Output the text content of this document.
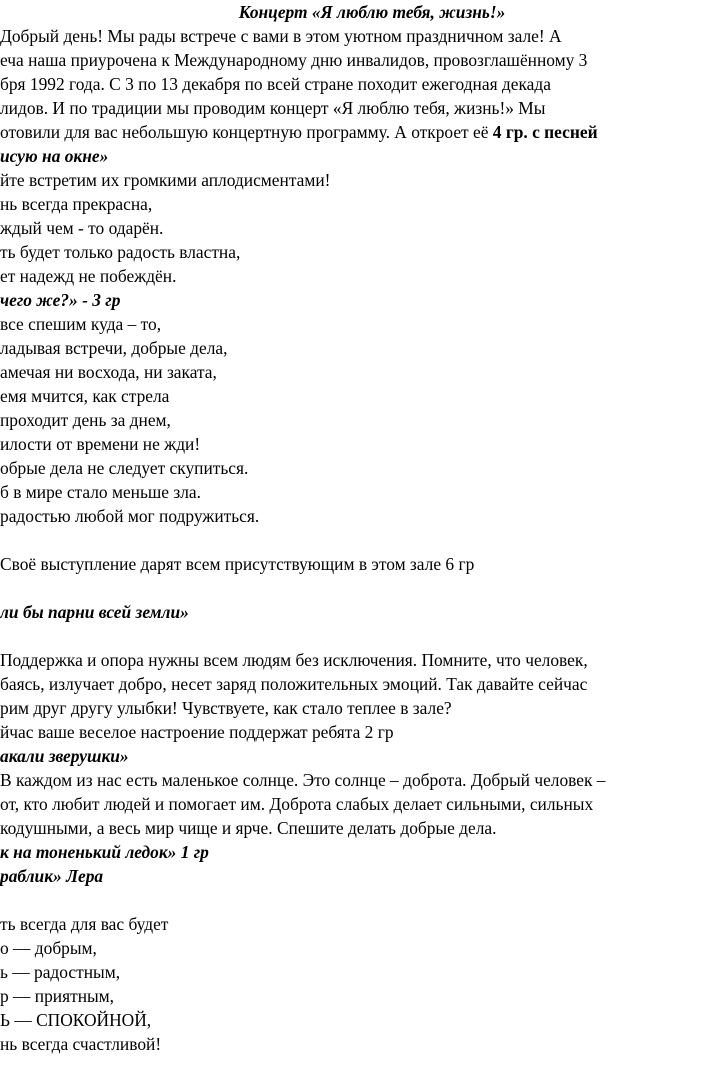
Концерт «Я люблю тебя, жизнь!»
Добрый день! Мы рады встрече с вами в этом уютном праздничном зале! А
еча наша приурочена к Международному дню инвалидов, провозглашённому 3
бря 1992 года. С 3 по 13 декабря по всей стране походит ежегодная декада
лидов. И по традиции мы проводим концерт «Я люблю тебя, жизнь!» Мы
отовили для вас небольшую концертную программу. А откроет её 4 гр. с песней
исую на окне»
йте встретим их громкими аплодисментами!
нь всегда прекрасна,
ждый чем - то одарён.
ть будет только радость властна,
ет надежд не побеждён.
чего же?» - 3 гр
все спешим куда – то,
ладывая встречи, добрые дела,
амечая ни восхода, ни заката,
емя мчится, как стрела
проходит день за днем,
илости от времени не жди!
обрые дела не следует скупиться.
б в мире стало меньше зла.
радостью любой мог подружиться.
Своё выступление дарят всем присутствующим в этом зале 6 гр
ли бы парни всей земли»
Поддержка и опора нужны всем людям без исключения. Помните, что человек,
баясь, излучает добро, несет заряд положительных эмоций. Так давайте сейчас
рим друг другу улыбки! Чувствуете, как стало теплее в зале?
йчас ваше веселое настроение поддержат ребята 2 гр
акали зверушки»
В каждом из нас есть маленькое солнце. Это солнце – доброта. Добрый человек –
от, кто любит людей и помогает им. Доброта слабых делает сильными, сильных
кодушными, а весь мир чище и ярче. Спешите делать добрые дела.
к на тоненький ледок» 1 гр
раблик» Лера
ть всегда для вас будет
о — добрым,
ь — радостным,
р — приятным,
Ь — СПОКОЙНОЙ,
нь всегда счастливой!
